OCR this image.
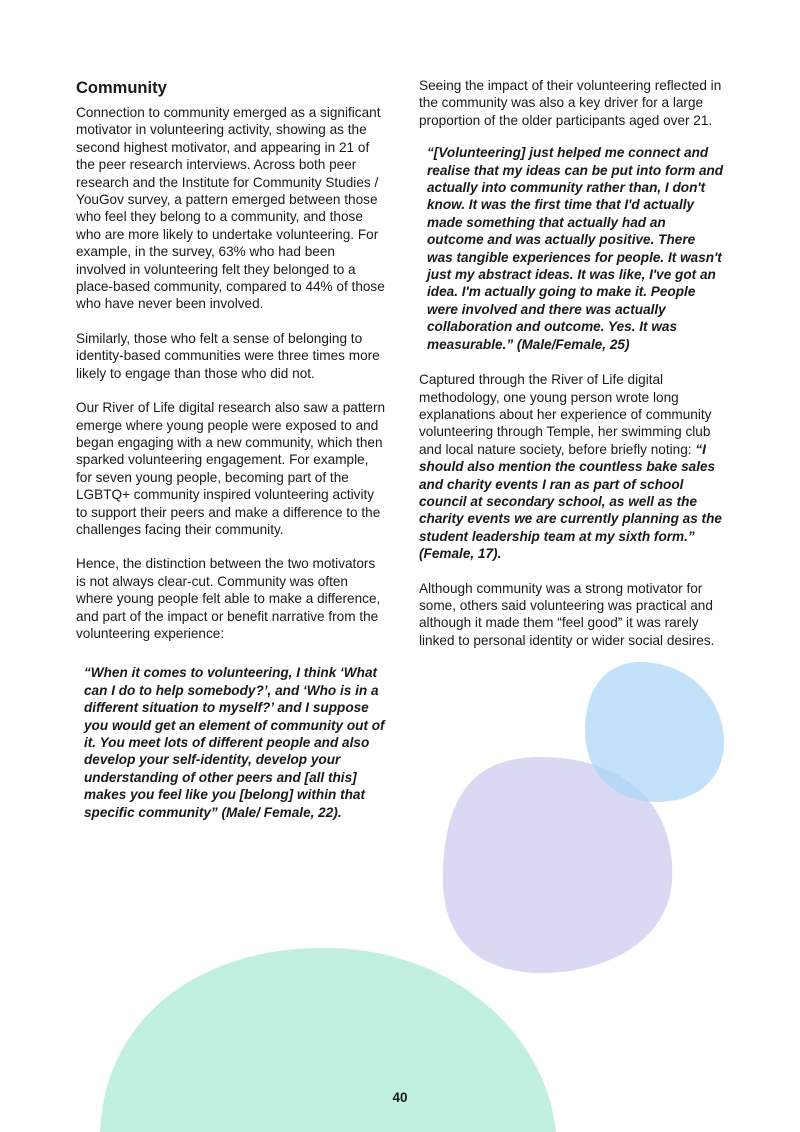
Community

Connection to community emerged as a significant motivator in volunteering activity, showing as the second highest motivator, and appearing in 21 of the peer research interviews. Across both peer research and the Institute for Community Studies / YouGov survey, a pattern emerged between those who feel they belong to a community, and those who are more likely to undertake volunteering. For example, in the survey, 63% who had been involved in volunteering felt they belonged to a place-based community, compared to 44% of those who have never been involved.

Similarly, those who felt a sense of belonging to identity-based communities were three times more likely to engage than those who did not.

Our River of Life digital research also saw a pattern emerge where young people were exposed to and began engaging with a new community, which then sparked volunteering engagement. For example, for seven young people, becoming part of the LGBTQ+ community inspired volunteering activity to support their peers and make a difference to the challenges facing their community.

Hence, the distinction between the two motivators is not always clear-cut. Community was often where young people felt able to make a difference, and part of the impact or benefit narrative from the volunteering experience:

“When it comes to volunteering, I think ‘What can I do to help somebody?’, and ‘Who is in a different situation to myself?’ and I suppose you would get an element of community out of it. You meet lots of different people and also develop your self-identity, develop your understanding of other peers and [all this] makes you feel like you [belong] within that specific community” (Male/ Female, 22).

Seeing the impact of their volunteering reflected in the community was also a key driver for a large proportion of the older participants aged over 21.

“[Volunteering] just helped me connect and realise that my ideas can be put into form and actually into community rather than, I don't know. It was the first time that I'd actually made something that actually had an outcome and was actually positive. There was tangible experiences for people. It wasn't just my abstract ideas. It was like, I've got an idea. I'm actually going to make it. People were involved and there was actually collaboration and outcome. Yes. It was measurable.” (Male/Female, 25)

Captured through the River of Life digital methodology, one young person wrote long explanations about her experience of community volunteering through Temple, her swimming club and local nature society, before briefly noting: “I should also mention the countless bake sales and charity events I ran as part of school council at secondary school, as well as the charity events we are currently planning as the student leadership team at my sixth form.” (Female, 17).

Although community was a strong motivator for some, others said volunteering was practical and although it made them “feel good” it was rarely linked to personal identity or wider social desires.

40
